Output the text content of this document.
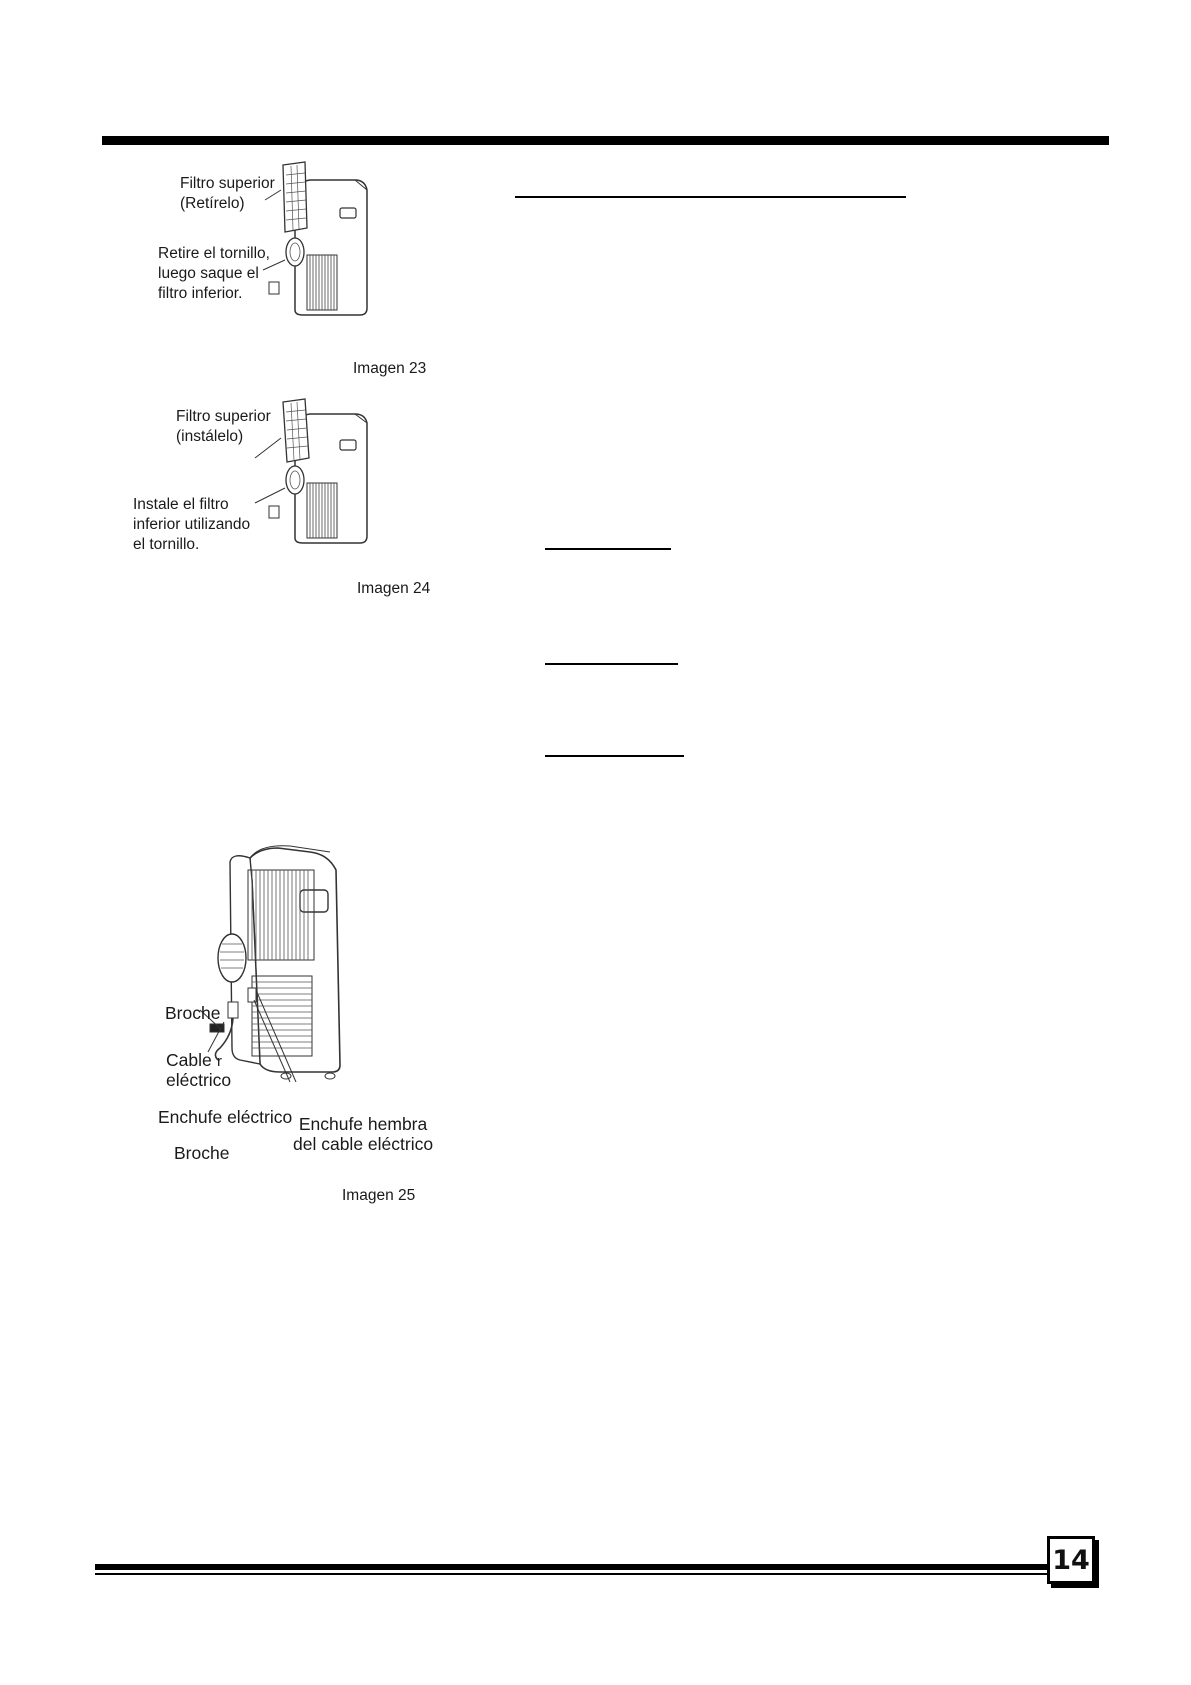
Filtro superior
(Retírelo)
Retire el tornillo,
luego saque el
filtro inferior.
Imagen 23
Filtro superior
(instálelo)
Instale el filtro
inferior utilizando
el tornillo.
Imagen 24
Broche
Cable
eléctrico
r
Enchufe eléctrico Enchufe hembra
del cable eléctrico
Broche
Imagen 25
14
